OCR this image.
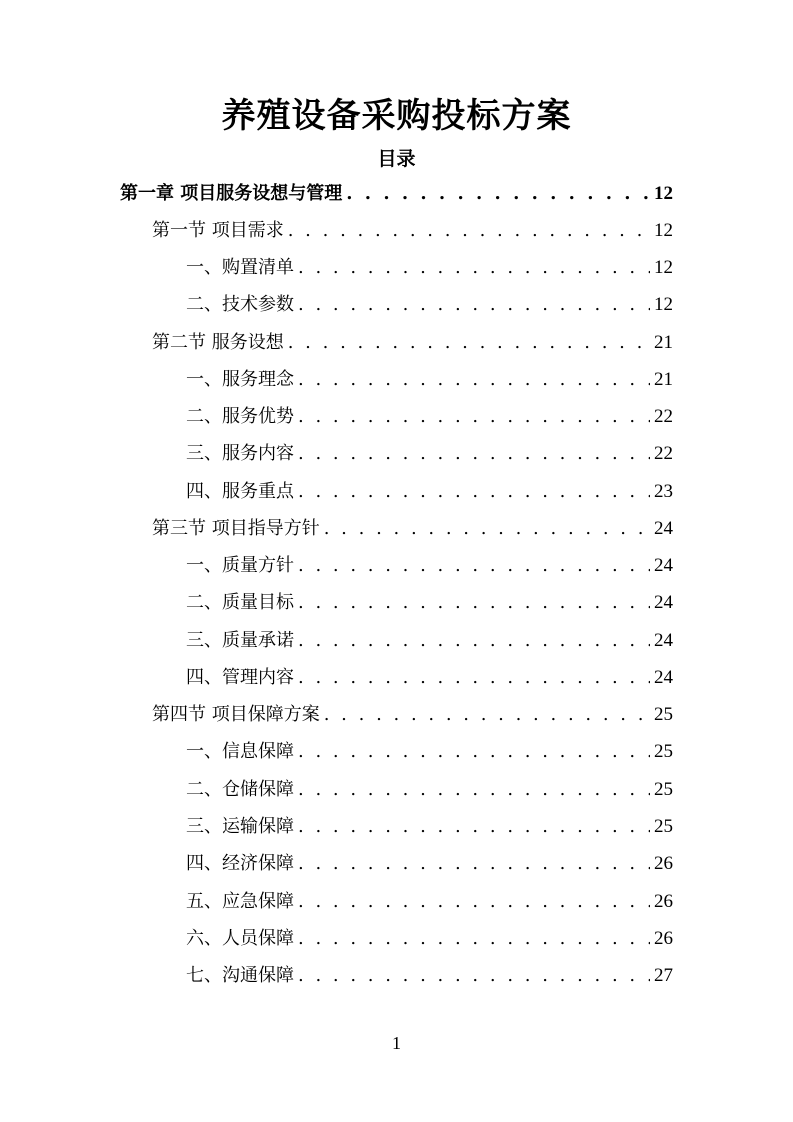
养殖设备采购投标方案
目录
第一章 项目服务设想与管理 . . .	12
第一节 项目需求 . . .	12
一、购置清单 . . .	12
二、技术参数 . . .	12
第二节 服务设想 . . .	21
一、服务理念 . . .	21
二、服务优势 . . .	22
三、服务内容 . . .	22
四、服务重点 . . .	23
第三节 项目指导方针 . . .	24
一、质量方针 . . .	24
二、质量目标 . . .	24
三、质量承诺 . . .	24
四、管理内容 . . .	24
第四节 项目保障方案 . . .	25
一、信息保障 . . .	25
二、仓储保障 . . .	25
三、运输保障 . . .	25
四、经济保障 . . .	26
五、应急保障 . . .	26
六、人员保障 . . .	26
七、沟通保障 . . .	27
1
